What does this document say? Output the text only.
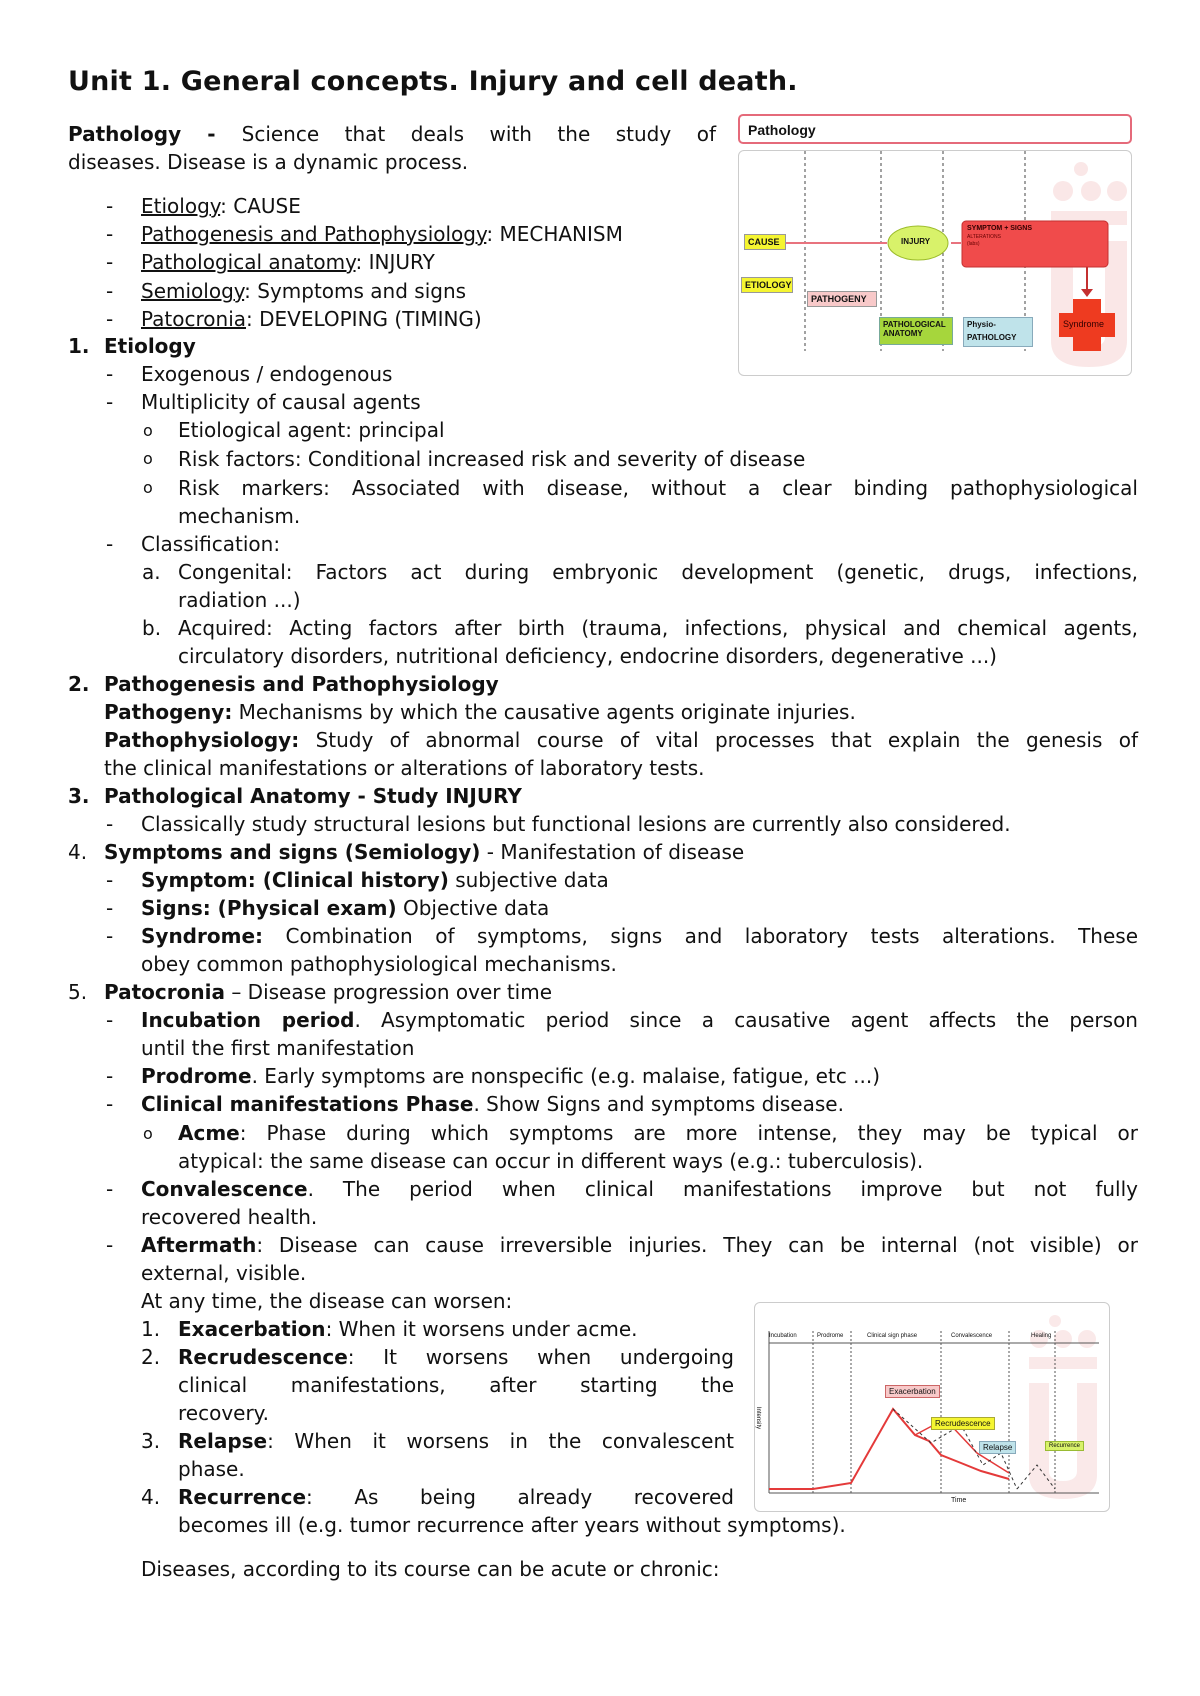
Unit 1. General concepts. Injury and cell death.
Pathology - Science that deals with the study of
diseases. Disease is a dynamic process.
- Etiology: CAUSE
- Pathogenesis and Pathophysiology: MECHANISM
- Pathological anatomy: INJURY
- Semiology: Symptoms and signs
- Patocronia: DEVELOPING (TIMING)
1. Etiology
- Exogenous / endogenous
- Multiplicity of causal agents
o Etiological agent: principal
o Risk factors: Conditional increased risk and severity of disease
o Risk markers: Associated with disease, without a clear binding pathophysiological
mechanism.
- Classification:
a. Congenital: Factors act during embryonic development (genetic, drugs, infections,
radiation ...)
b. Acquired: Acting factors after birth (trauma, infections, physical and chemical agents,
circulatory disorders, nutritional deficiency, endocrine disorders, degenerative ...)
2. Pathogenesis and Pathophysiology
Pathogeny: Mechanisms by which the causative agents originate injuries.
Pathophysiology: Study of abnormal course of vital processes that explain the genesis of
the clinical manifestations or alterations of laboratory tests.
3. Pathological Anatomy - Study INJURY
- Classically study structural lesions but functional lesions are currently also considered.
4. Symptoms and signs (Semiology) - Manifestation of disease
- Symptom: (Clinical history) subjective data
- Signs: (Physical exam) Objective data
- Syndrome: Combination of symptoms, signs and laboratory tests alterations. These
obey common pathophysiological mechanisms.
5. Patocronia – Disease progression over time
- Incubation period. Asymptomatic period since a causative agent affects the person
until the first manifestation
- Prodrome. Early symptoms are nonspecific (e.g. malaise, fatigue, etc ...)
- Clinical manifestations Phase. Show Signs and symptoms disease.
o Acme: Phase during which symptoms are more intense, they may be typical or
atypical: the same disease can occur in different ways (e.g.: tuberculosis).
- Convalescence. The period when clinical manifestations improve but not fully
recovered health.
- Aftermath: Disease can cause irreversible injuries. They can be internal (not visible) or
external, visible.
At any time, the disease can worsen:
1. Exacerbation: When it worsens under acme.
2. Recrudescence: It worsens when undergoing
clinical manifestations, after starting the
recovery.
3. Relapse: When it worsens in the convalescent
phase.
4. Recurrence: As being already recovered
becomes ill (e.g. tumor recurrence after years without symptoms).
Diseases, according to its course can be acute or chronic:
Pathology
CAUSE
ETIOLOGY
PATHOGENY
INJURY
SYMPTOM + SIGNS
ALTERATIONS
(labs)
PATHOLOGICAL
ANATOMY
Physio-
PATHOLOGY
Syndrome
Incubation	Prodrome	Clinical sign phase	Convalescence	Healing
Intensity
Time
Exacerbation
Recrudescence
Relapse	Recurrence
